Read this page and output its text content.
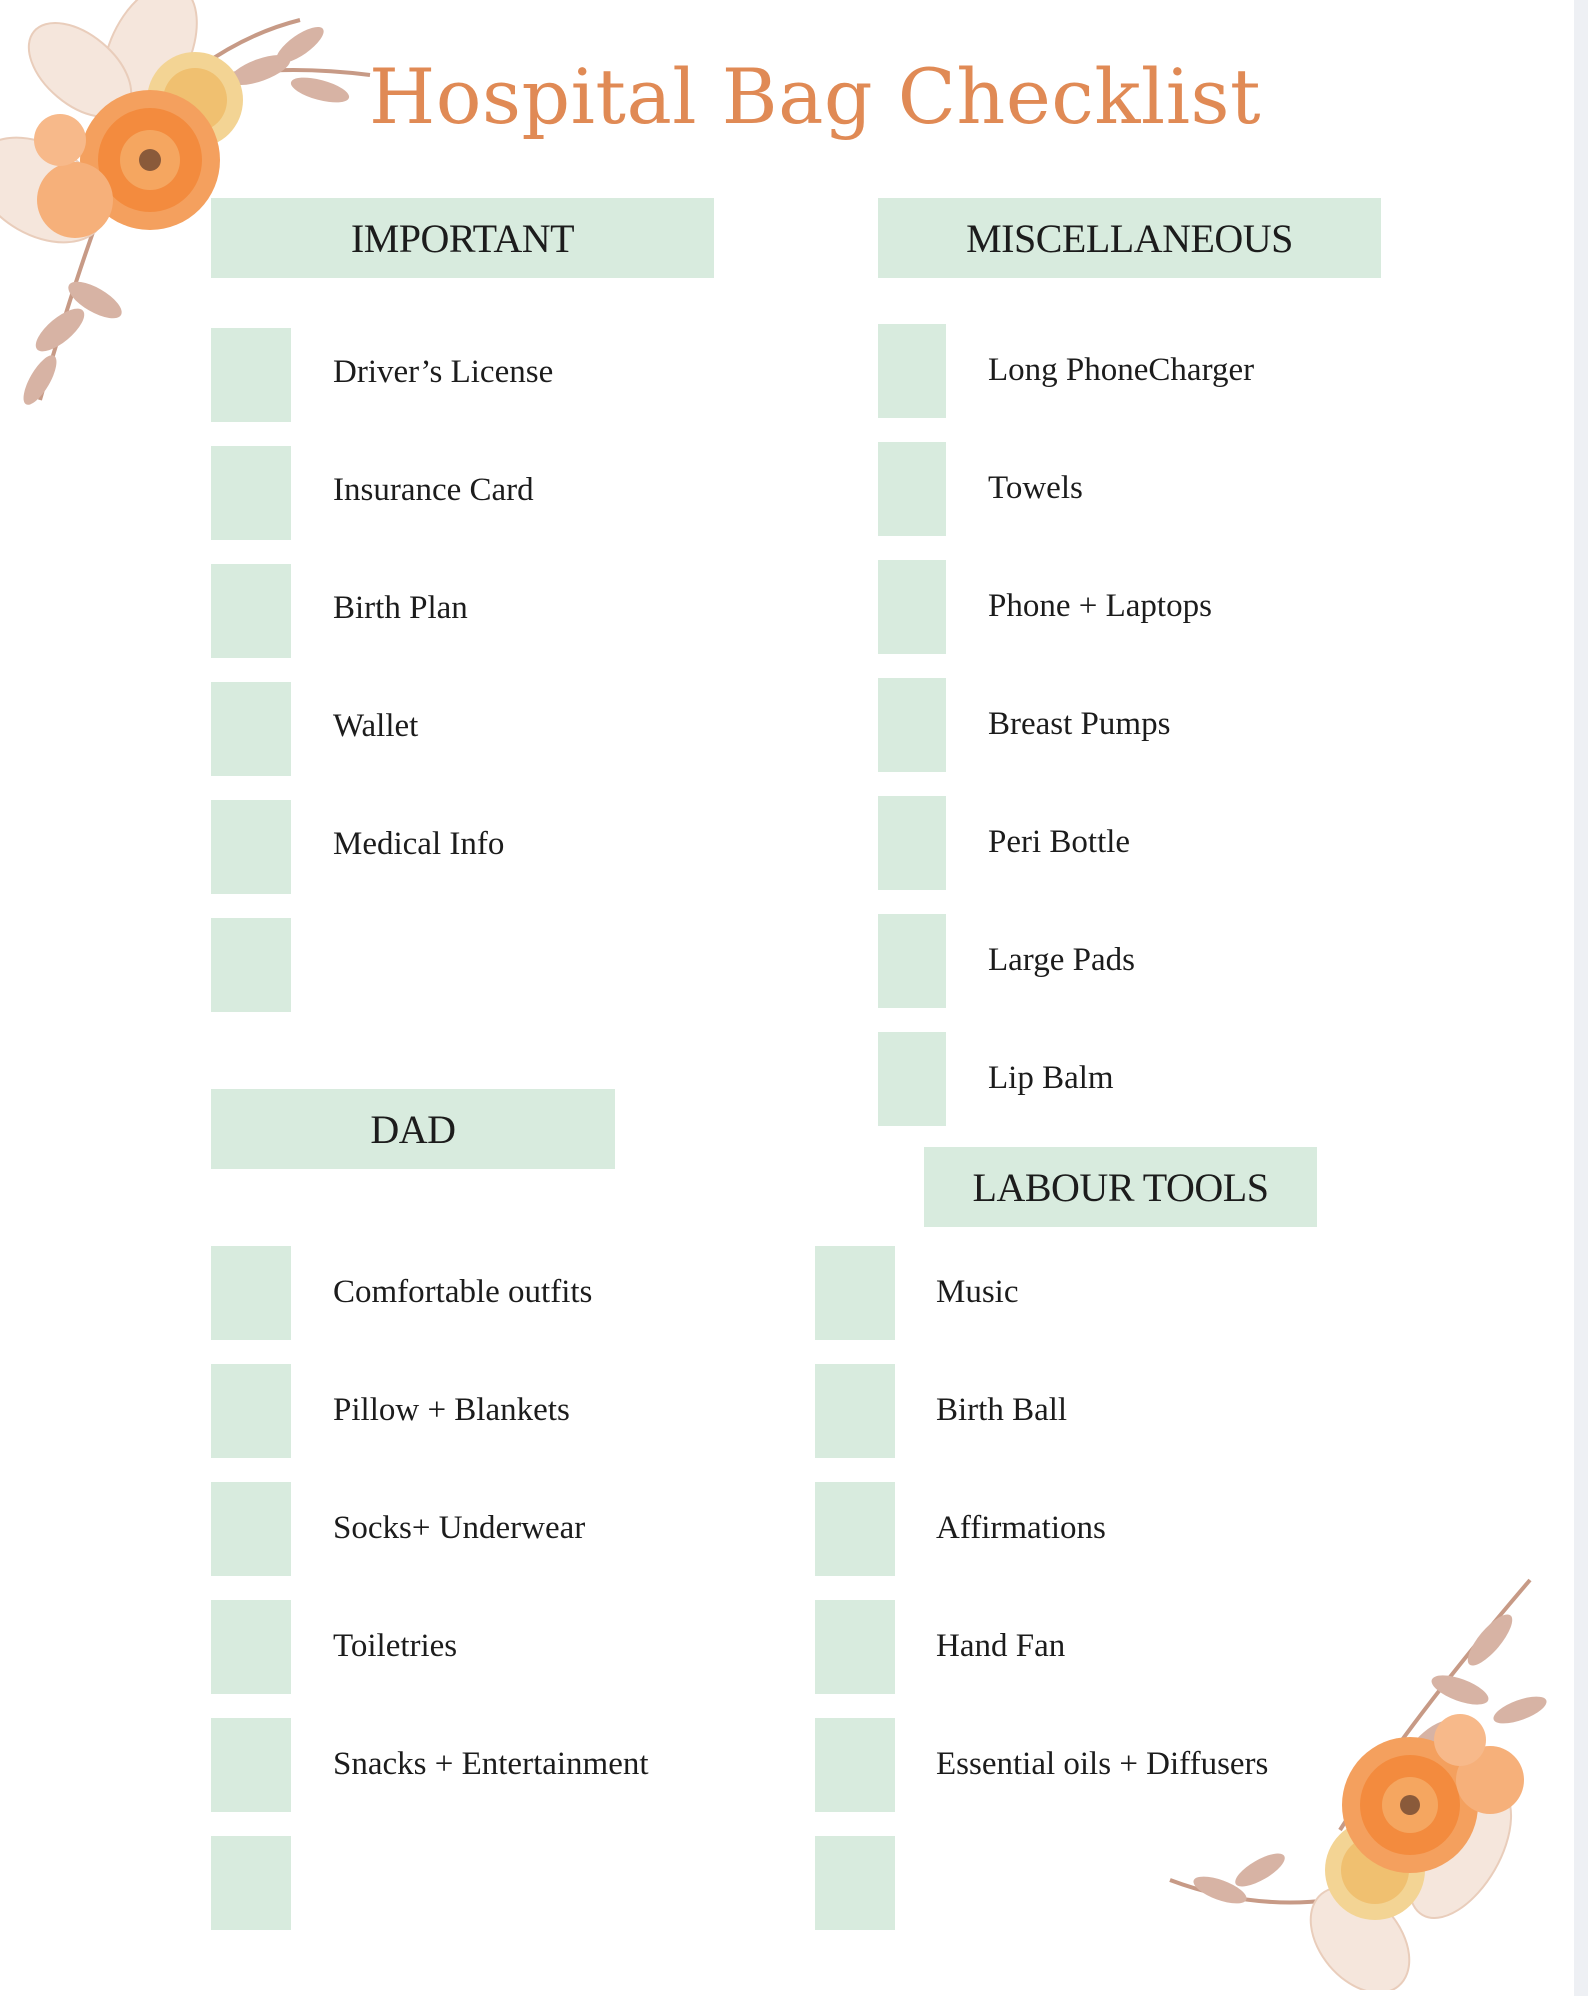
Hospital Bag Checklist
IMPORTANT
Driver’s License
Insurance Card
Birth Plan
Wallet
Medical Info
MISCELLANEOUS
Long PhoneCharger
Towels
Phone + Laptops
Breast Pumps
Peri Bottle
Large Pads
Lip Balm
DAD
Comfortable outfits
Pillow + Blankets
Socks+ Underwear
Toiletries
Snacks + Entertainment
LABOUR TOOLS
Music
Birth Ball
Affirmations
Hand Fan
Essential oils + Diffusers
